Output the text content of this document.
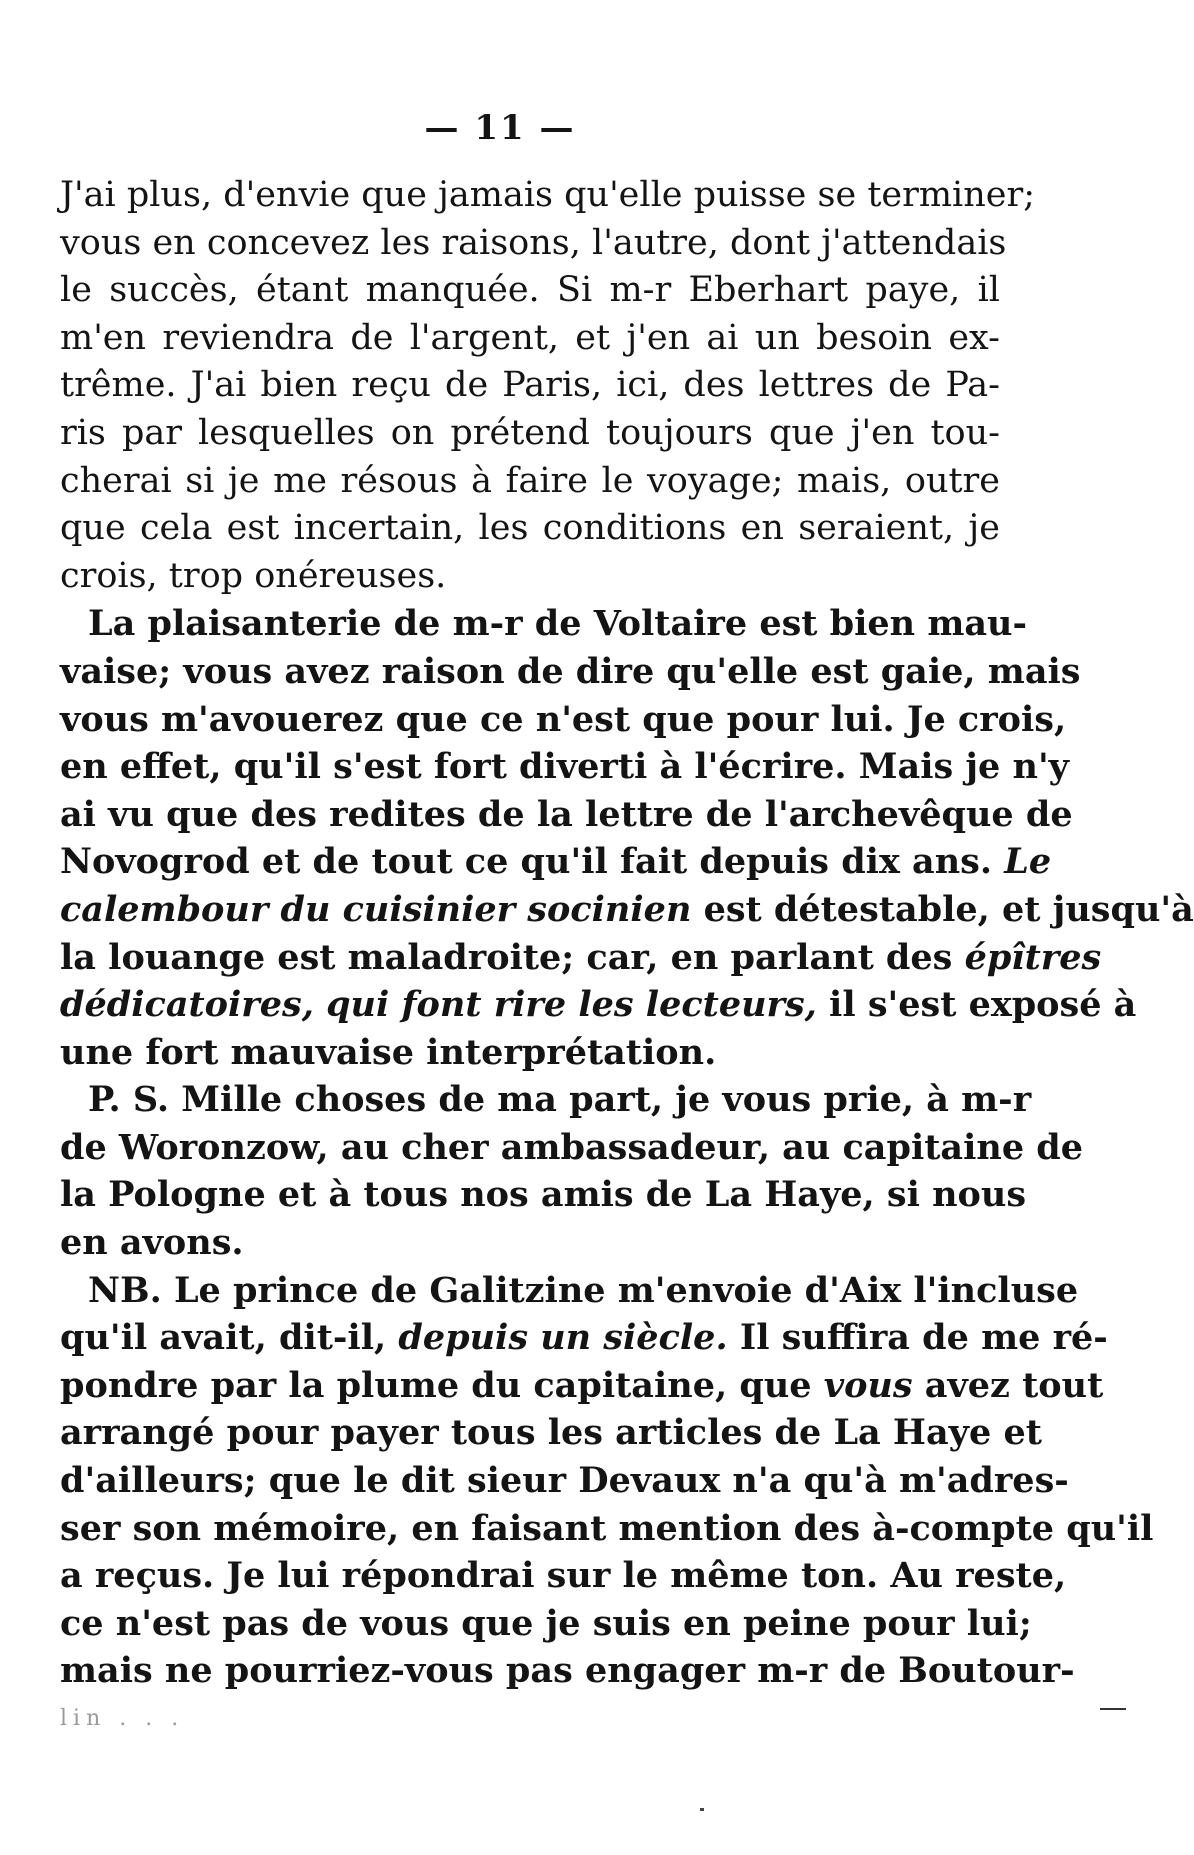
— 11 —
J'ai plus, d'envie que jamais qu'elle puisse se terminer;
vous en concevez les raisons, l'autre, dont j'attendais
le succès, étant manquée. Si m-r Eberhart paye, il
m'en reviendra de l'argent, et j'en ai un besoin ex-
trême. J'ai bien reçu de Paris, ici, des lettres de Pa-
ris par lesquelles on prétend toujours que j'en tou-
cherai si je me résous à faire le voyage; mais, outre
que cela est incertain, les conditions en seraient, je
crois, trop onéreuses.
La plaisanterie de m-r de Voltaire est bien mau-
vaise; vous avez raison de dire qu'elle est gaie, mais
vous m'avouerez que ce n'est que pour lui. Je crois,
en effet, qu'il s'est fort diverti à l'écrire. Mais je n'y
ai vu que des redites de la lettre de l'archevêque de
Novogrod et de tout ce qu'il fait depuis dix ans. Le
calembour du cuisinier socinien est détestable, et jusqu'à
la louange est maladroite; car, en parlant des épîtres
dédicatoires, qui font rire les lecteurs, il s'est exposé à
une fort mauvaise interprétation.
P. S. Mille choses de ma part, je vous prie, à m-r
de Woronzow, au cher ambassadeur, au capitaine de
la Pologne et à tous nos amis de La Haye, si nous
en avons.
NB. Le prince de Galitzine m'envoie d'Aix l'incluse
qu'il avait, dit-il, depuis un siècle. Il suffira de me ré-
pondre par la plume du capitaine, que vous avez tout
arrangé pour payer tous les articles de La Haye et
d'ailleurs; que le dit sieur Devaux n'a qu'à m'adres-
ser son mémoire, en faisant mention des à-compte qu'il
a reçus. Je lui répondrai sur le même ton. Au reste,
ce n'est pas de vous que je suis en peine pour lui;
mais ne pourriez-vous pas engager m-r de Boutour-
lin . . .
